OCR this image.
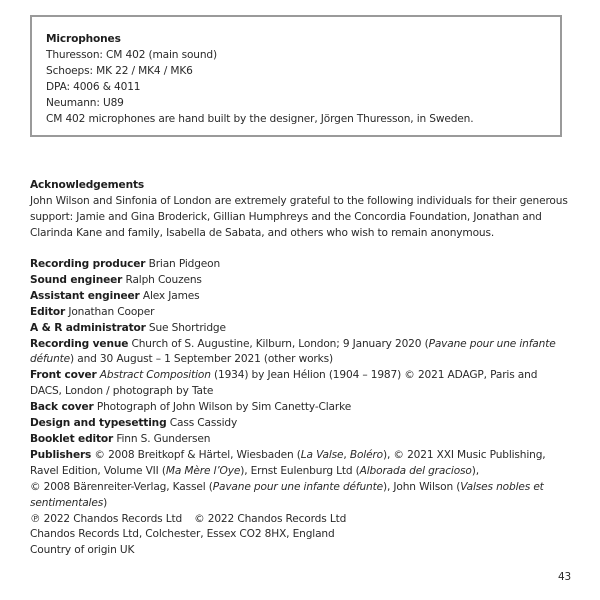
Microphones
Thuresson: CM 402 (main sound)
Schoeps: MK 22 / MK4 / MK6
DPA: 4006 & 4011
Neumann: U89
CM 402 microphones are hand built by the designer, Jörgen Thuresson, in Sweden.
Acknowledgements
John Wilson and Sinfonia of London are extremely grateful to the following individuals for their generous
support: Jamie and Gina Broderick, Gillian Humphreys and the Concordia Foundation, Jonathan and
Clarinda Kane and family, Isabella de Sabata, and others who wish to remain anonymous.
Recording producer Brian Pidgeon
Sound engineer Ralph Couzens
Assistant engineer Alex James
Editor Jonathan Cooper
A & R administrator Sue Shortridge
Recording venue Church of S. Augustine, Kilburn, London; 9 January 2020 (Pavane pour une infante
défunte) and 30 August – 1 September 2021 (other works)
Front cover Abstract Composition (1934) by Jean Hélion (1904 – 1987) © 2021 ADAGP, Paris and
DACS, London / photograph by Tate
Back cover Photograph of John Wilson by Sim Canetty-Clarke
Design and typesetting Cass Cassidy
Booklet editor Finn S. Gundersen
Publishers © 2008 Breitkopf & Härtel, Wiesbaden (La Valse, Boléro), © 2021 XXI Music Publishing,
Ravel Edition, Volume VII (Ma Mère l’Oye), Ernst Eulenburg Ltd (Alborada del gracioso),
© 2008 Bärenreiter-Verlag, Kassel (Pavane pour une infante défunte), John Wilson (Valses nobles et
sentimentales)
℗ 2022 Chandos Records Ltd © 2022 Chandos Records Ltd
Chandos Records Ltd, Colchester, Essex CO2 8HX, England
Country of origin UK
43
